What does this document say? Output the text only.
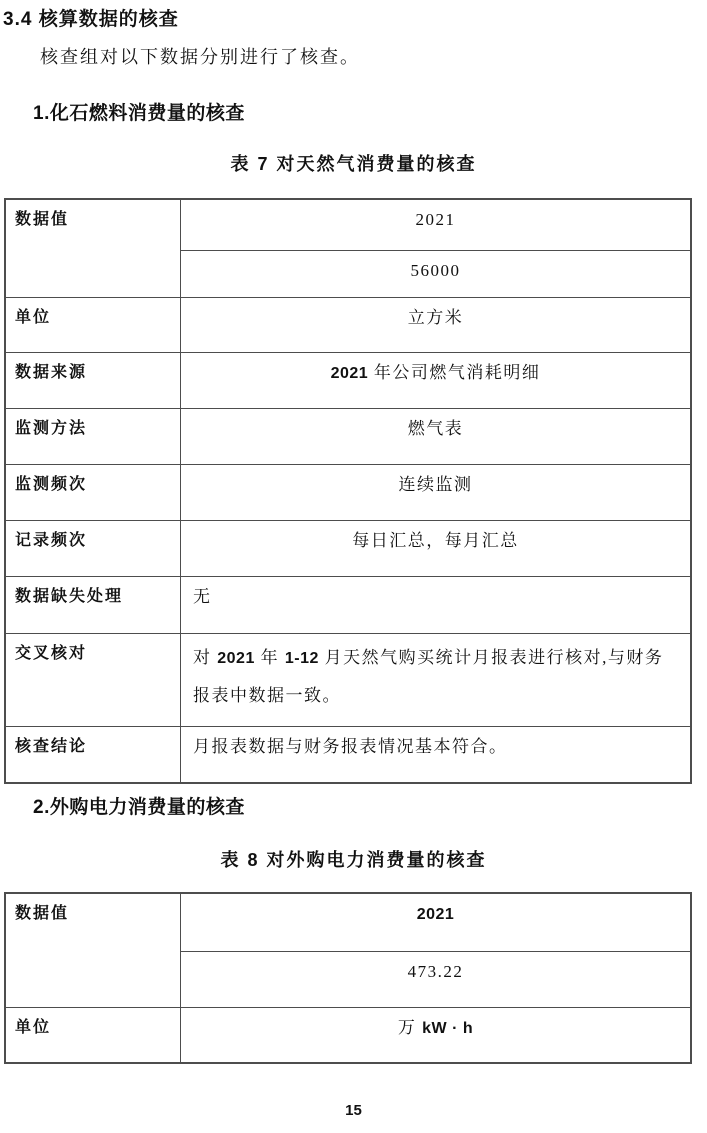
3.4 核算数据的核查

核查组对以下数据分别进行了核查。

1.化石燃料消费量的核查
表 7 对天然气消费量的核查
数据值	2021
	56000
单位	立方米
数据来源	2021 年公司燃气消耗明细
监测方法	燃气表
监测频次	连续监测
记录频次	每日汇总，每月汇总
数据缺失处理	无
交叉核对	对 2021 年 1-12 月天然气购买统计月报表进行核对,与财务报表中数据一致。
核查结论	月报表数据与财务报表情况基本符合。
2.外购电力消费量的核查
表 8 对外购电力消费量的核查
数据值	2021
	473.22
单位	万 kW · h
15
